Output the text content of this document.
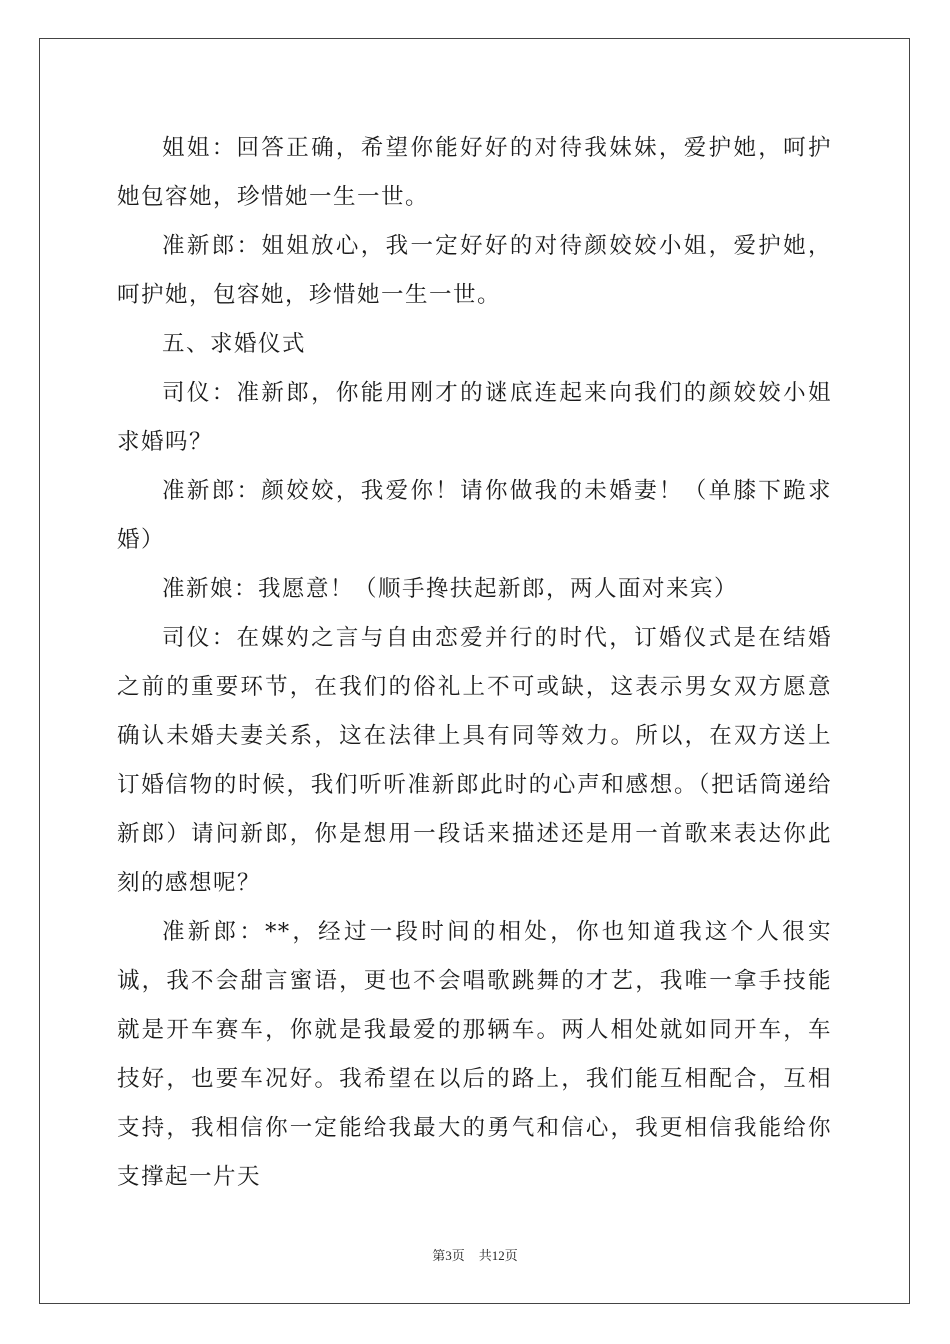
姐姐：回答正确，希望你能好好的对待我妹妹，爱护她，呵护她包容她，珍惜她一生一世。

准新郎：姐姐放心，我一定好好的对待颜姣姣小姐，爱护她，呵护她，包容她，珍惜她一生一世。

五、求婚仪式

司仪：准新郎，你能用刚才的谜底连起来向我们的颜姣姣小姐求婚吗？

准新郎：颜姣姣，我爱你！请你做我的未婚妻！（单膝下跪求婚）

准新娘：我愿意！（顺手搀扶起新郎，两人面对来宾）

司仪：在媒妁之言与自由恋爱并行的时代，订婚仪式是在结婚之前的重要环节，在我们的俗礼上不可或缺，这表示男女双方愿意确认未婚夫妻关系，这在法律上具有同等效力。所以，在双方送上订婚信物的时候，我们听听准新郎此时的心声和感想。（把话筒递给新郎）请问新郎，你是想用一段话来描述还是用一首歌来表达你此刻的感想呢？

准新郎：**，经过一段时间的相处，你也知道我这个人很实诚，我不会甜言蜜语，更也不会唱歌跳舞的才艺，我唯一拿手技能就是开车赛车，你就是我最爱的那辆车。两人相处就如同开车，车技好，也要车况好。我希望在以后的路上，我们能互相配合，互相支持，我相信你一定能给我最大的勇气和信心，我更相信我能给你支撑起一片天

第3页 共12页
